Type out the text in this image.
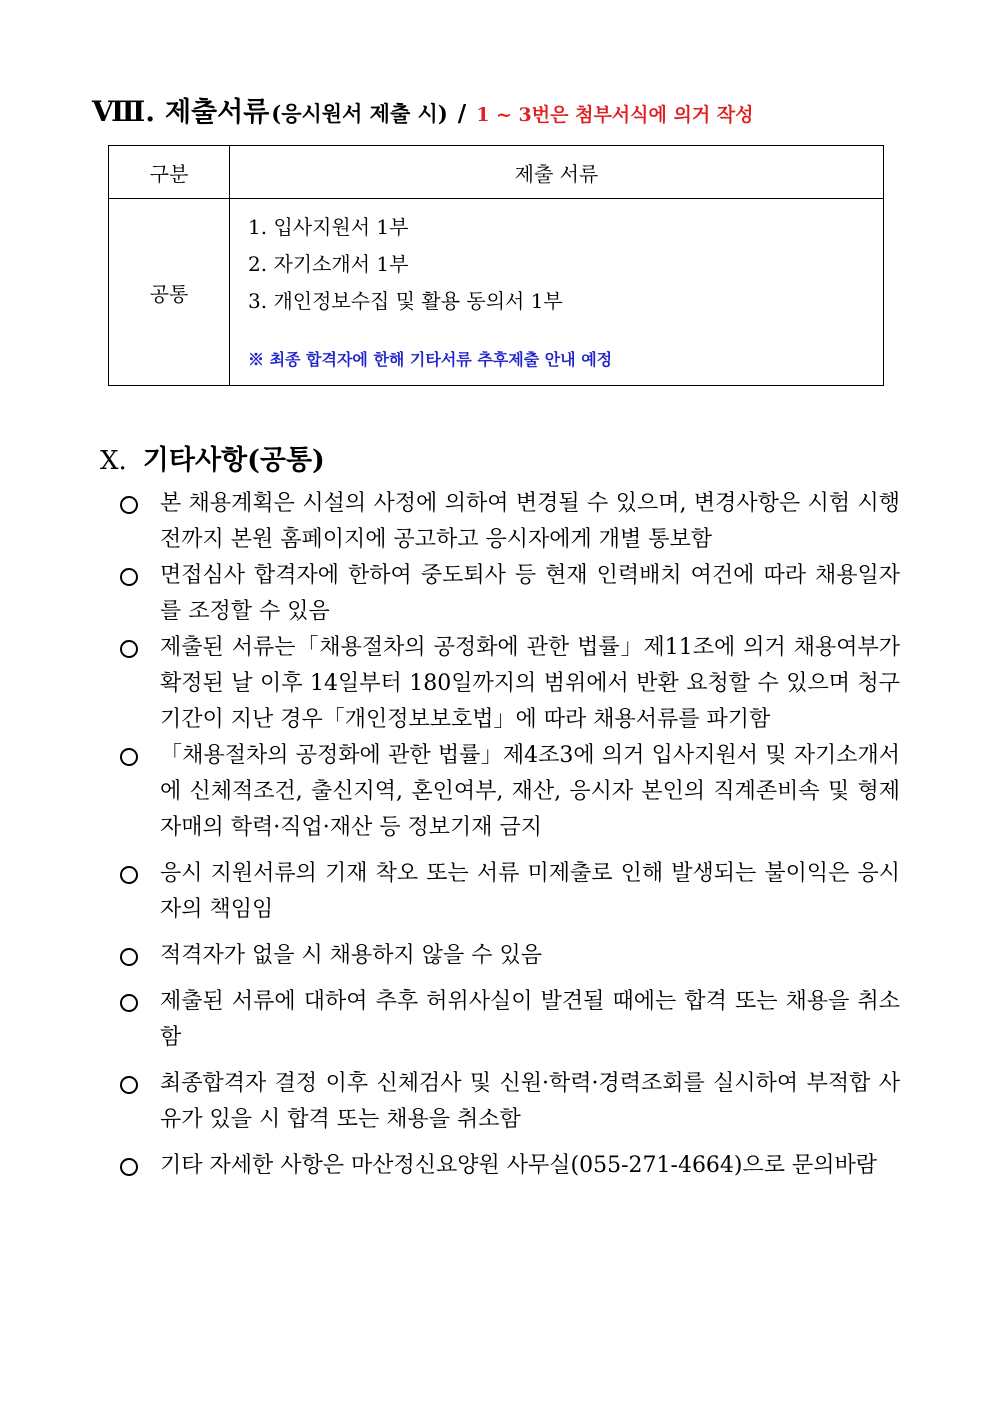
Ⅷ. 제출서류 (응시원서 제출 시) / 1 ~ 3번은 첨부서식에 의거 작성
구분	제출 서류
공통	1. 입사지원서 1부
2. 자기소개서 1부
3. 개인정보수집 및 활용 동의서 1부
※ 최종 합격자에 한해 기타서류 추후제출 안내 예정
Ⅹ. 기타사항(공통)
본 채용계획은 시설의 사정에 의하여 변경될 수 있으며, 변경사항은 시험 시행 전까지 본원 홈페이지에 공고하고 응시자에게 개별 통보함
면접심사 합격자에 한하여 중도퇴사 등 현재 인력배치 여건에 따라 채용일자를 조정할 수 있음
제출된 서류는「채용절차의 공정화에 관한 법률」제11조에 의거 채용여부가 확정된 날 이후 14일부터 180일까지의 범위에서 반환 요청할 수 있으며 청구기간이 지난 경우「개인정보보호법」에 따라 채용서류를 파기함
「채용절차의 공정화에 관한 법률」제4조3에 의거 입사지원서 및 자기소개서에 신체적조건, 출신지역, 혼인여부, 재산, 응시자 본인의 직계존비속 및 형제자매의 학력·직업·재산 등 정보기재 금지
응시 지원서류의 기재 착오 또는 서류 미제출로 인해 발생되는 불이익은 응시자의 책임임
적격자가 없을 시 채용하지 않을 수 있음
제출된 서류에 대하여 추후 허위사실이 발견될 때에는 합격 또는 채용을 취소함
최종합격자 결정 이후 신체검사 및 신원·학력·경력조회를 실시하여 부적합 사유가 있을 시 합격 또는 채용을 취소함
기타 자세한 사항은 마산정신요양원 사무실(055-271-4664)으로 문의바람
